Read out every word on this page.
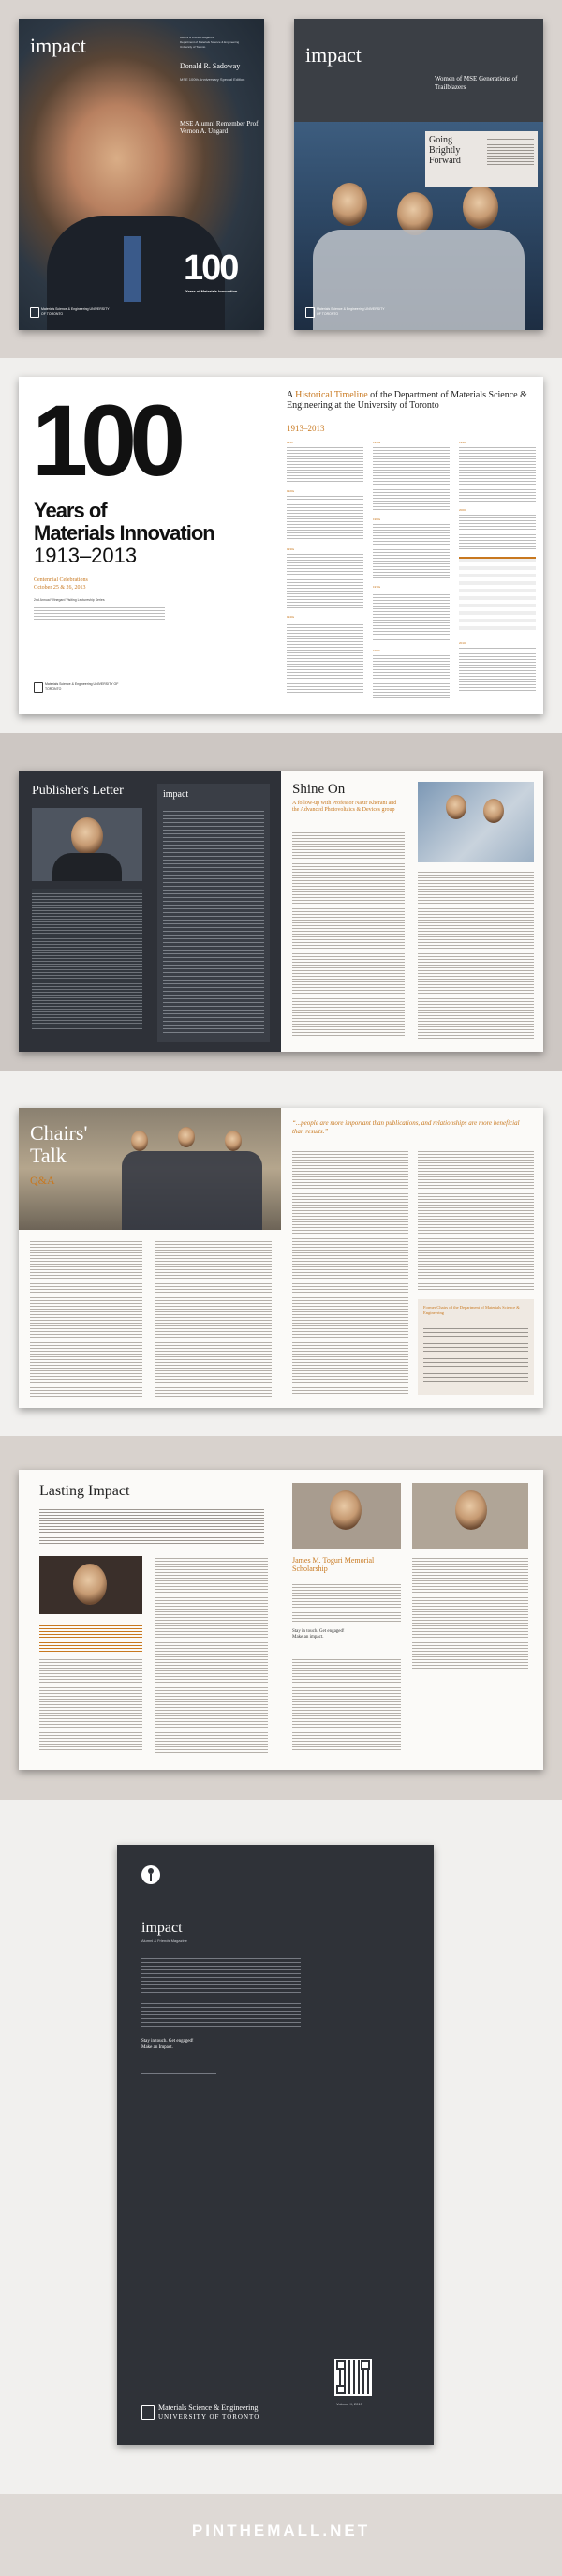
impact	Alumni & Friends Magazine
Department of Materials Science & Engineering
University of Toronto
Donald R. Sadoway
MSE 100th Anniversary Special Edition
MSE Alumni Remember Prof. Vernon A. Ungard
100
Years of Materials Innovation
Materials Science & Engineering UNIVERSITY OF TORONTO
impact
Women of MSE Generations of Trailblazers
Going Brightly Forward
Materials Science & Engineering UNIVERSITY OF TORONTO
100
Years of
Materials Innovation
1913–2013
Centennial Celebrations
October 25 & 26, 2013
2nd Annual Winegard Visiting Lectureship Series
Materials Science & Engineering UNIVERSITY OF TORONTO
A Historical Timeline of the Department of Materials Science & Engineering at the University of Toronto
1913–2013
1913
1920s
1930s
1940s
1950s
1960s
1970s
1980s
1990s
2000s
2010s
Publisher's Letter	impact	Shine On
A follow-up with Professor Nazir Kherani and the Advanced Photovoltaics & Devices group
Chairs'
Talk
Q&A
“...people are more important than publications, and relationships are more beneficial than results.”
Former Chairs of the Department of Materials Science & Engineering
Lasting Impact
James M. Toguri Memorial Scholarship
Stay in touch. Get engaged! Make an impact.
impact
Alumni & Friends Magazine
Stay in touch. Get engaged! Make an Impact.
Volume II, 2013
Materials Science & Engineering
UNIVERSITY OF TORONTO
PINTHEMALL.NET
